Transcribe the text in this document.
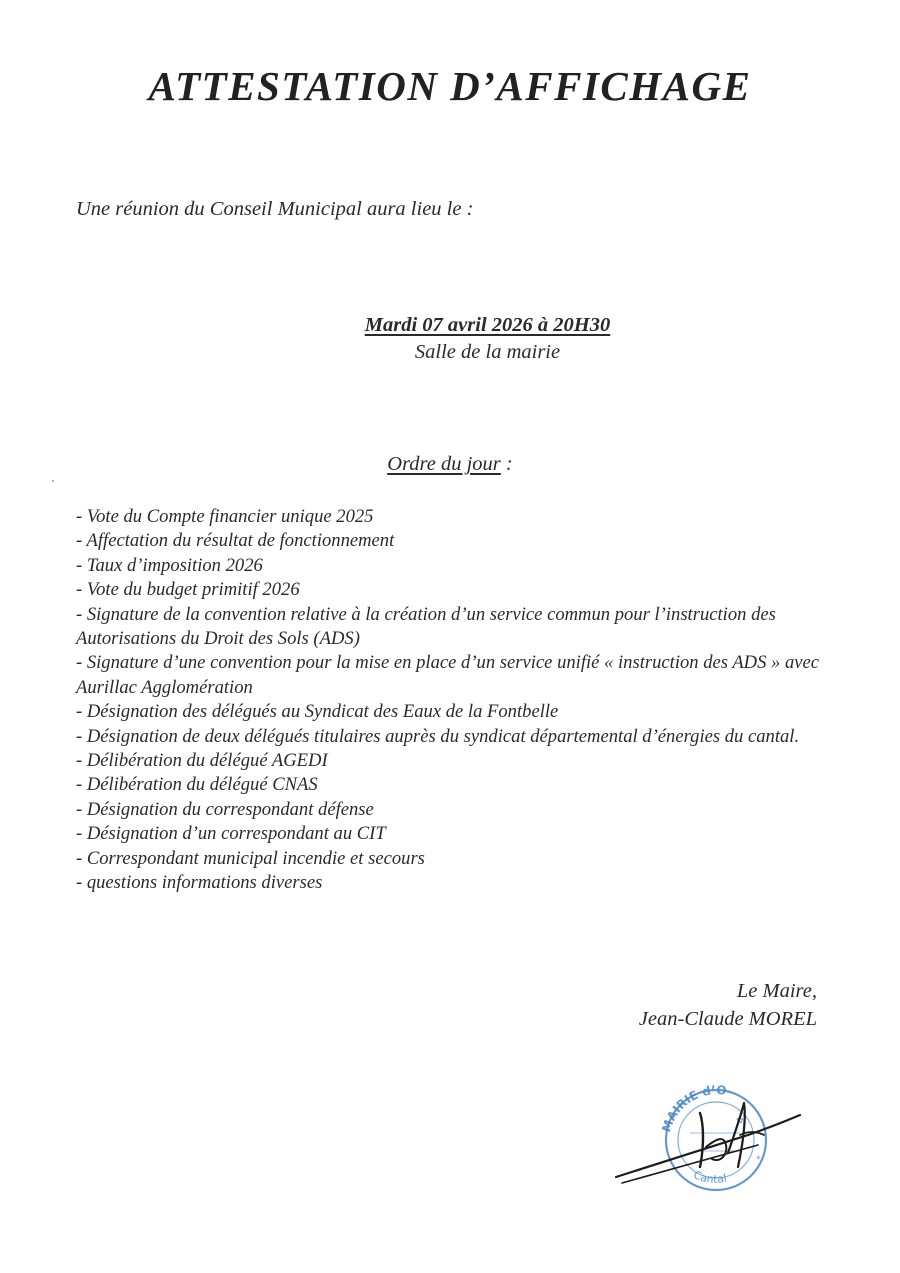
ATTESTATION D’AFFICHAGE
Une réunion du Conseil Municipal aura lieu le :
Mardi 07 avril 2026 à 20H30
Salle de la mairie
Ordre du jour :
- Vote du Compte financier unique 2025
- Affectation du résultat de fonctionnement
- Taux d’imposition 2026
- Vote du budget primitif 2026
- Signature de la convention relative à la création d’un service commun pour l’instruction des Autorisations du Droit des Sols (ADS)
- Signature d’une convention pour la mise en place d’un service unifié « instruction des ADS » avec Aurillac Agglomération
- Désignation des délégués au Syndicat des Eaux de la Fontbelle
- Désignation de deux délégués titulaires auprès du syndicat départemental d’énergies du cantal.
- Délibération du délégué AGEDI
- Délibération du délégué CNAS
- Désignation du correspondant défense
- Désignation d’un correspondant au CIT
- Correspondant municipal incendie et secours
- questions informations diverses
Le Maire,
Jean-Claude MOREL
MAIRIE d’O
Cantal
*
✿
